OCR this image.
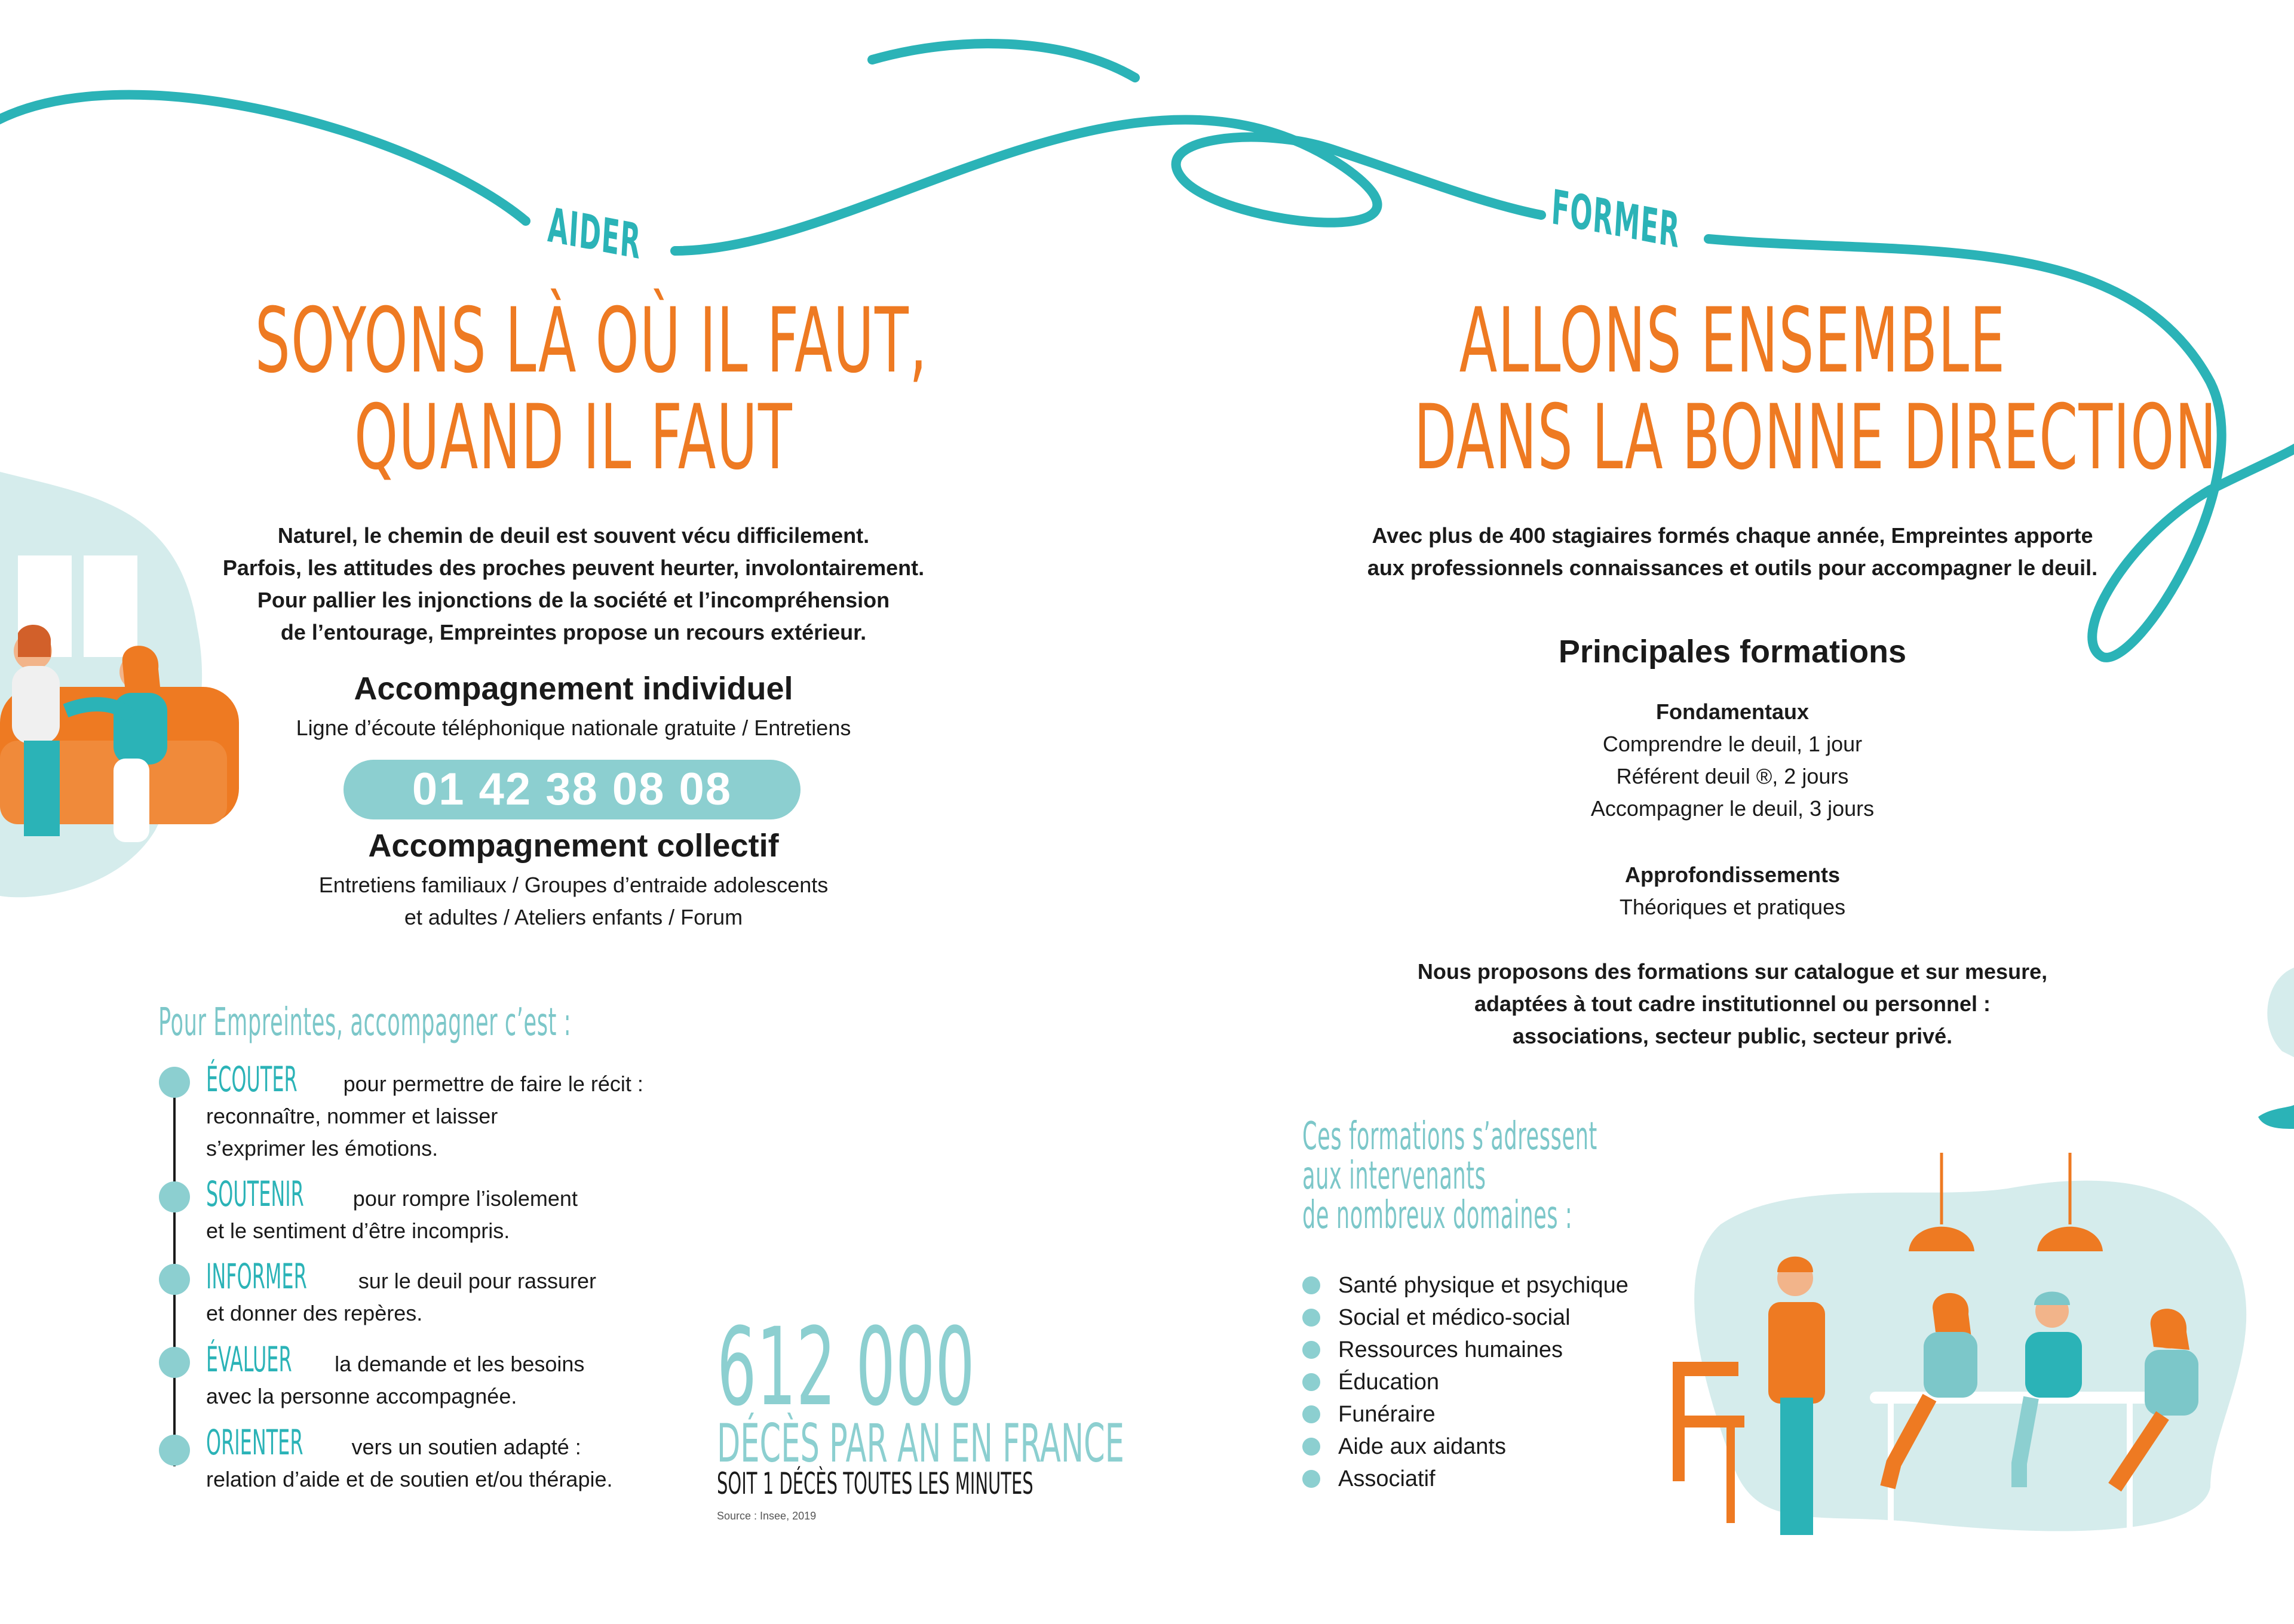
AIDER	FORMER
SOYONS LÀ OÙ IL FAUT,
QUAND IL FAUT
ALLONS ENSEMBLE
DANS LA BONNE DIRECTION
Naturel, le chemin de deuil est souvent vécu difficilement.
Parfois, les attitudes des proches peuvent heurter, involontairement.
Pour pallier les injonctions de la société et l’incompréhension
de l’entourage, Empreintes propose un recours extérieur.
Accompagnement individuel
Ligne d’écoute téléphonique nationale gratuite / Entretiens
01 42 38 08 08
Accompagnement collectif
Entretiens familiaux / Groupes d’entraide adolescents
et adultes / Ateliers enfants / Forum
Pour Empreintes, accompagner c’est :
ÉCOUTER pour permettre de faire le récit :
reconnaître, nommer et laisser
s’exprimer les émotions.
SOUTENIR pour rompre l’isolement
et le sentiment d’être incompris.
INFORMER sur le deuil pour rassurer
et donner des repères.
ÉVALUER la demande et les besoins
avec la personne accompagnée.
ORIENTER vers un soutien adapté :
relation d’aide et de soutien et/ou thérapie.
612 000
DÉCÈS PAR AN EN FRANCE
SOIT 1 DÉCÈS TOUTES LES MINUTES
Source : Insee, 2019
Avec plus de 400 stagiaires formés chaque année, Empreintes apporte
aux professionnels connaissances et outils pour accompagner le deuil.
Principales formations
Fondamentaux
Comprendre le deuil, 1 jour
Référent deuil ®, 2 jours
Accompagner le deuil, 3 jours
Approfondissements
Théoriques et pratiques
Nous proposons des formations sur catalogue et sur mesure,
adaptées à tout cadre institutionnel ou personnel :
associations, secteur public, secteur privé.
Ces formations s’adressent
aux intervenants
de nombreux domaines :
Santé physique et psychique
Social et médico-social
Ressources humaines
Éducation
Funéraire
Aide aux aidants
Associatif
